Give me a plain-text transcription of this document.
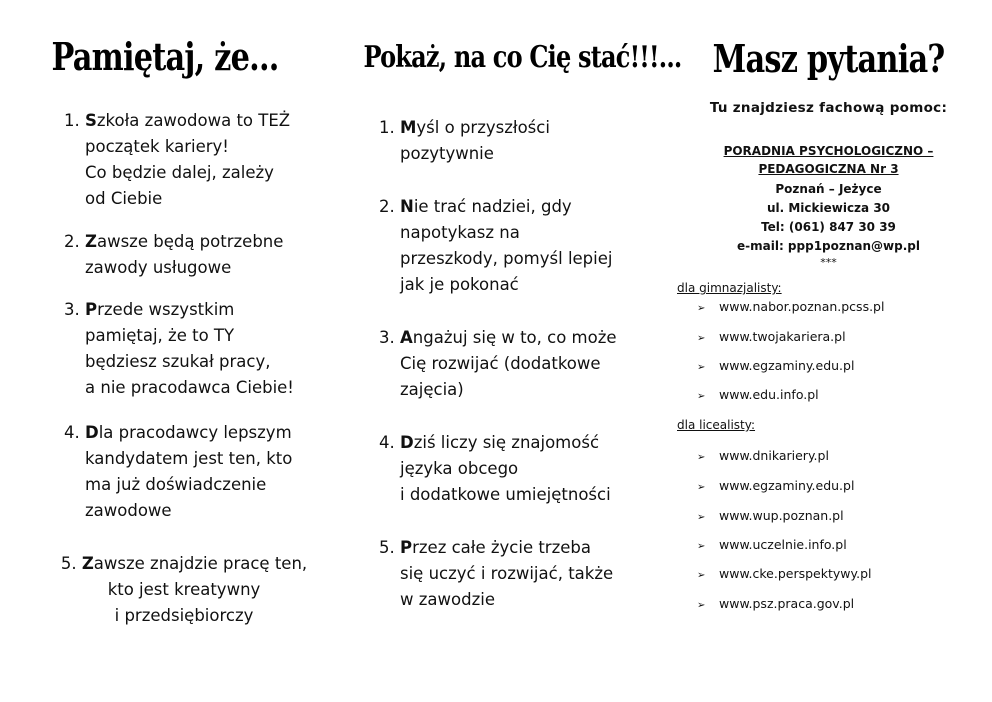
Pamiętaj, że...
1. Szkoła zawodowa to TEŻ
początek kariery!
Co będzie dalej, zależy
od Ciebie
2. Zawsze będą potrzebne
zawody usługowe
3. Przede wszystkim
pamiętaj, że to TY
będziesz szukał pracy,
a nie pracodawca Ciebie!
4. Dla pracodawcy lepszym
kandydatem jest ten, kto
ma już doświadczenie
zawodowe
5. Zawsze znajdzie pracę ten,
kto jest kreatywny
i przedsiębiorczy
Pokaż, na co Cię stać!!!...
1. Myśl o przyszłości
pozytywnie
2. Nie trać nadziei, gdy
napotykasz na
przeszkody, pomyśl lepiej
jak je pokonać
3. Angażuj się w to, co może
Cię rozwijać (dodatkowe
zajęcia)
4. Dziś liczy się znajomość
języka obcego
i dodatkowe umiejętności
5. Przez całe życie trzeba
się uczyć i rozwijać, także
w zawodzie
Masz pytania?
Tu znajdziesz fachową pomoc:
PORADNIA PSYCHOLOGICZNO –
PEDAGOGICZNA Nr 3
Poznań – Jeżyce
ul. Mickiewicza 30
Tel: (061) 847 30 39
e-mail: ppp1poznan@wp.pl
***
dla gimnazjalisty:
➢ www.nabor.poznan.pcss.pl
➢ www.twojakariera.pl
➢ www.egzaminy.edu.pl
➢ www.edu.info.pl
dla licealisty:
➢ www.dnikariery.pl
➢ www.egzaminy.edu.pl
➢ www.wup.poznan.pl
➢ www.uczelnie.info.pl
➢ www.cke.perspektywy.pl
➢ www.psz.praca.gov.pl
